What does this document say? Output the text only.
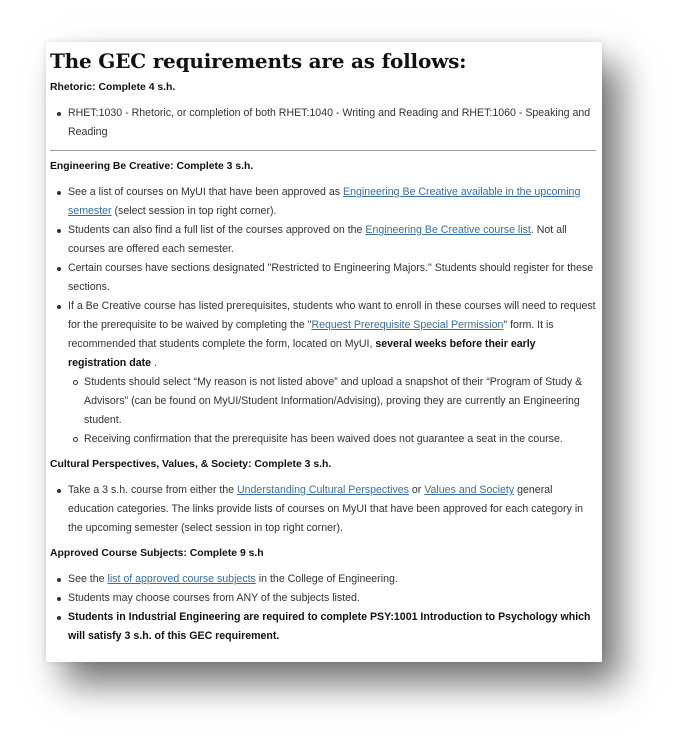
The GEC requirements are as follows:
Rhetoric: Complete 4 s.h.
RHET:1030 - Rhetoric, or completion of both RHET:1040 - Writing and Reading and RHET:1060 - Speaking and Reading
Engineering Be Creative: Complete 3 s.h.
See a list of courses on MyUI that have been approved as Engineering Be Creative available in the upcoming semester (select session in top right corner).
Students can also find a full list of the courses approved on the Engineering Be Creative course list. Not all courses are offered each semester.
Certain courses have sections designated "Restricted to Engineering Majors." Students should register for these sections.
If a Be Creative course has listed prerequisites, students who want to enroll in these courses will need to request for the prerequisite to be waived by completing the "Request Prerequisite Special Permission" form. It is recommended that students complete the form, located on MyUI, several weeks before their early registration date .
Students should select “My reason is not listed above” and upload a snapshot of their “Program of Study & Advisors” (can be found on MyUI/Student Information/Advising), proving they are currently an Engineering student.
Receiving confirmation that the prerequisite has been waived does not guarantee a seat in the course.
Cultural Perspectives, Values, & Society: Complete 3 s.h.
Take a 3 s.h. course from either the Understanding Cultural Perspectives or Values and Society general education categories. The links provide lists of courses on MyUI that have been approved for each category in the upcoming semester (select session in top right corner).
Approved Course Subjects: Complete 9 s.h
See the list of approved course subjects in the College of Engineering.
Students may choose courses from ANY of the subjects listed.
Students in Industrial Engineering are required to complete PSY:1001 Introduction to Psychology which will satisfy 3 s.h. of this GEC requirement.
